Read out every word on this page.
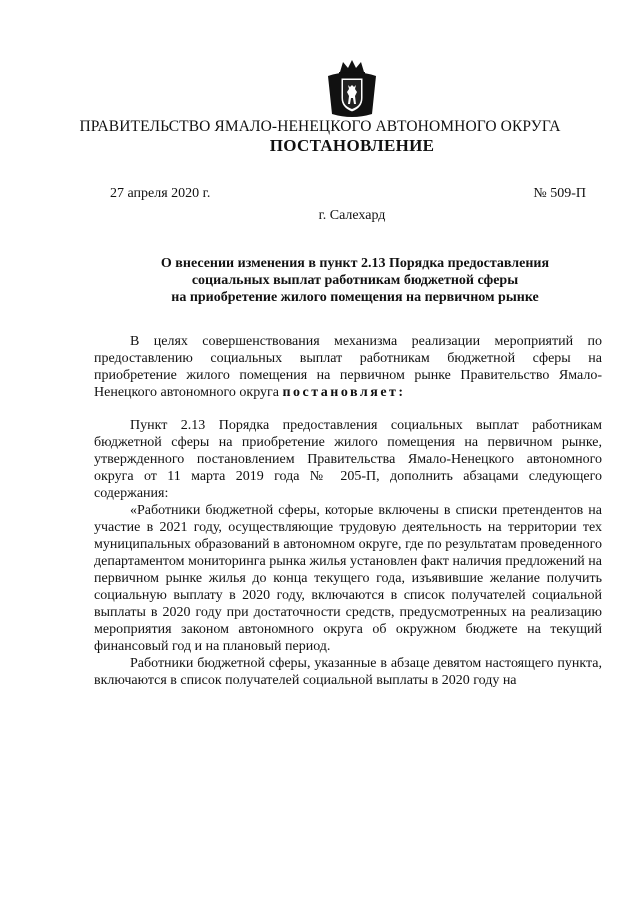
ПРАВИТЕЛЬСТВО ЯМАЛО-НЕНЕЦКОГО АВТОНОМНОГО ОКРУГА
ПОСТАНОВЛЕНИЕ
27 апреля 2020 г.	№ 509-П
г. Салехард
О внесении изменения в пункт 2.13 Порядка предоставления
социальных выплат работникам бюджетной сферы
на приобретение жилого помещения на первичном рынке

В целях совершенствования механизма реализации мероприятий по предоставлению социальных выплат работникам бюджетной сферы на приобретение жилого помещения на первичном рынке Правительство Ямало-Ненецкого автономного округа постановляет:

Пункт 2.13 Порядка предоставления социальных выплат работникам бюджетной сферы на приобретение жилого помещения на первичном рынке, утвержденного постановлением Правительства Ямало-Ненецкого автономного округа от 11 марта 2019 года № 205-П, дополнить абзацами следующего содержания:

«Работники бюджетной сферы, которые включены в списки претендентов на участие в 2021 году, осуществляющие трудовую деятельность на территории тех муниципальных образований в автономном округе, где по результатам проведенного департаментом мониторинга рынка жилья установлен факт наличия предложений на первичном рынке жилья до конца текущего года, изъявившие желание получить социальную выплату в 2020 году, включаются в список получателей социальной выплаты в 2020 году при достаточности средств, предусмотренных на реализацию мероприятия законом автономного округа об окружном бюджете на текущий финансовый год и на плановый период.

Работники бюджетной сферы, указанные в абзаце девятом настоящего пункта, включаются в список получателей социальной выплаты в 2020 году на
